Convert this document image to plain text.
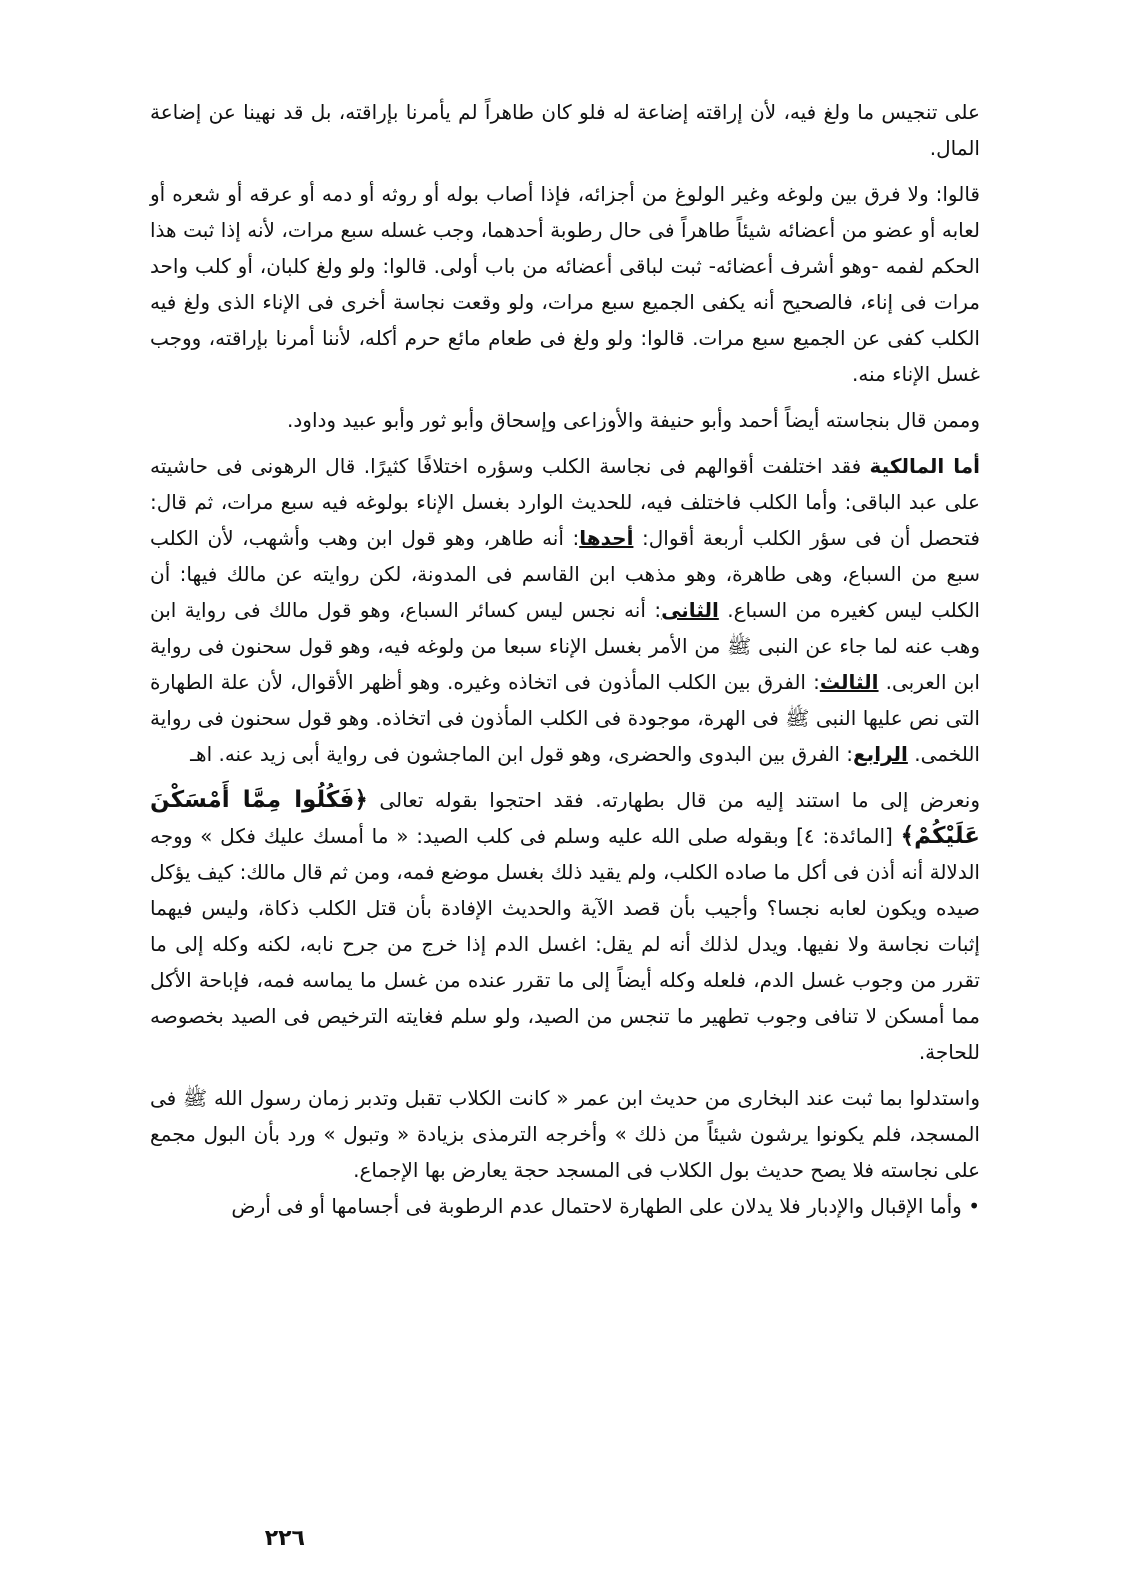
على تنجيس ما ولغ فيه، لأن إراقته إضاعة له فلو كان طاهراً لم يأمرنا بإراقته، بل قد نهينا عن إضاعة المال.

قالوا: ولا فرق بين ولوغه وغير الولوغ من أجزائه، فإذا أصاب بوله أو روثه أو دمه أو عرقه أو شعره أو لعابه أو عضو من أعضائه شيئاً طاهراً فى حال رطوبة أحدهما، وجب غسله سبع مرات، لأنه إذا ثبت هذا الحكم لفمه -وهو أشرف أعضائه- ثبت لباقى أعضائه من باب أولى. قالوا: ولو ولغ كلبان، أو كلب واحد مرات فى إناء، فالصحيح أنه يكفى الجميع سبع مرات، ولو وقعت نجاسة أخرى فى الإناء الذى ولغ فيه الكلب كفى عن الجميع سبع مرات. قالوا: ولو ولغ فى طعام مائع حرم أكله، لأننا أمرنا بإراقته، ووجب غسل الإناء منه.

وممن قال بنجاسته أيضاً أحمد وأبو حنيفة والأوزاعى وإسحاق وأبو ثور وأبو عبيد وداود.

أما المالكية فقد اختلفت أقوالهم فى نجاسة الكلب وسؤره اختلافًا كثيرًا. قال الرهونى فى حاشيته على عبد الباقى: وأما الكلب فاختلف فيه، للحديث الوارد بغسل الإناء بولوغه فيه سبع مرات، ثم قال: فتحصل أن فى سؤر الكلب أربعة أقوال: أحدها: أنه طاهر، وهو قول ابن وهب وأشهب، لأن الكلب سبع من السباع، وهى طاهرة، وهو مذهب ابن القاسم فى المدونة، لكن روايته عن مالك فيها: أن الكلب ليس كغيره من السباع. الثانى: أنه نجس ليس كسائر السباع، وهو قول مالك فى رواية ابن وهب عنه لما جاء عن النبى ﷺ من الأمر بغسل الإناء سبعا من ولوغه فيه، وهو قول سحنون فى رواية ابن العربى. الثالث: الفرق بين الكلب المأذون فى اتخاذه وغيره. وهو أظهر الأقوال، لأن علة الطهارة التى نص عليها النبى ﷺ فى الهرة، موجودة فى الكلب المأذون فى اتخاذه. وهو قول سحنون فى رواية اللخمى. الرابع: الفرق بين البدوى والحضرى، وهو قول ابن الماجشون فى رواية أبى زيد عنه. اهـ

ونعرض إلى ما استند إليه من قال بطهارته. فقد احتجوا بقوله تعالى ﴿فَكُلُوا مِمَّا أَمْسَكْنَ عَلَيْكُمْ﴾ [المائدة: ٤] وبقوله صلى الله عليه وسلم فى كلب الصيد: « ما أمسك عليك فكل » ووجه الدلالة أنه أذن فى أكل ما صاده الكلب، ولم يقيد ذلك بغسل موضع فمه، ومن ثم قال مالك: كيف يؤكل صيده ويكون لعابه نجسا؟ وأجيب بأن قصد الآية والحديث الإفادة بأن قتل الكلب ذكاة، وليس فيهما إثبات نجاسة ولا نفيها. ويدل لذلك أنه لم يقل: اغسل الدم إذا خرج من جرح نابه، لكنه وكله إلى ما تقرر من وجوب غسل الدم، فلعله وكله أيضاً إلى ما تقرر عنده من غسل ما يماسه فمه، فإباحة الأكل مما أمسكن لا تنافى وجوب تطهير ما تنجس من الصيد، ولو سلم فغايته الترخيص فى الصيد بخصوصه للحاجة.

واستدلوا بما ثبت عند البخارى من حديث ابن عمر « كانت الكلاب تقبل وتدبر زمان رسول الله ﷺ فى المسجد، فلم يكونوا يرشون شيئاً من ذلك » وأخرجه الترمذى بزيادة « وتبول » ورد بأن البول مجمع على نجاسته فلا يصح حديث بول الكلاب فى المسجد حجة يعارض بها الإجماع.

• وأما الإقبال والإدبار فلا يدلان على الطهارة لاحتمال عدم الرطوبة فى أجسامها أو فى أرض

٢٢٦
